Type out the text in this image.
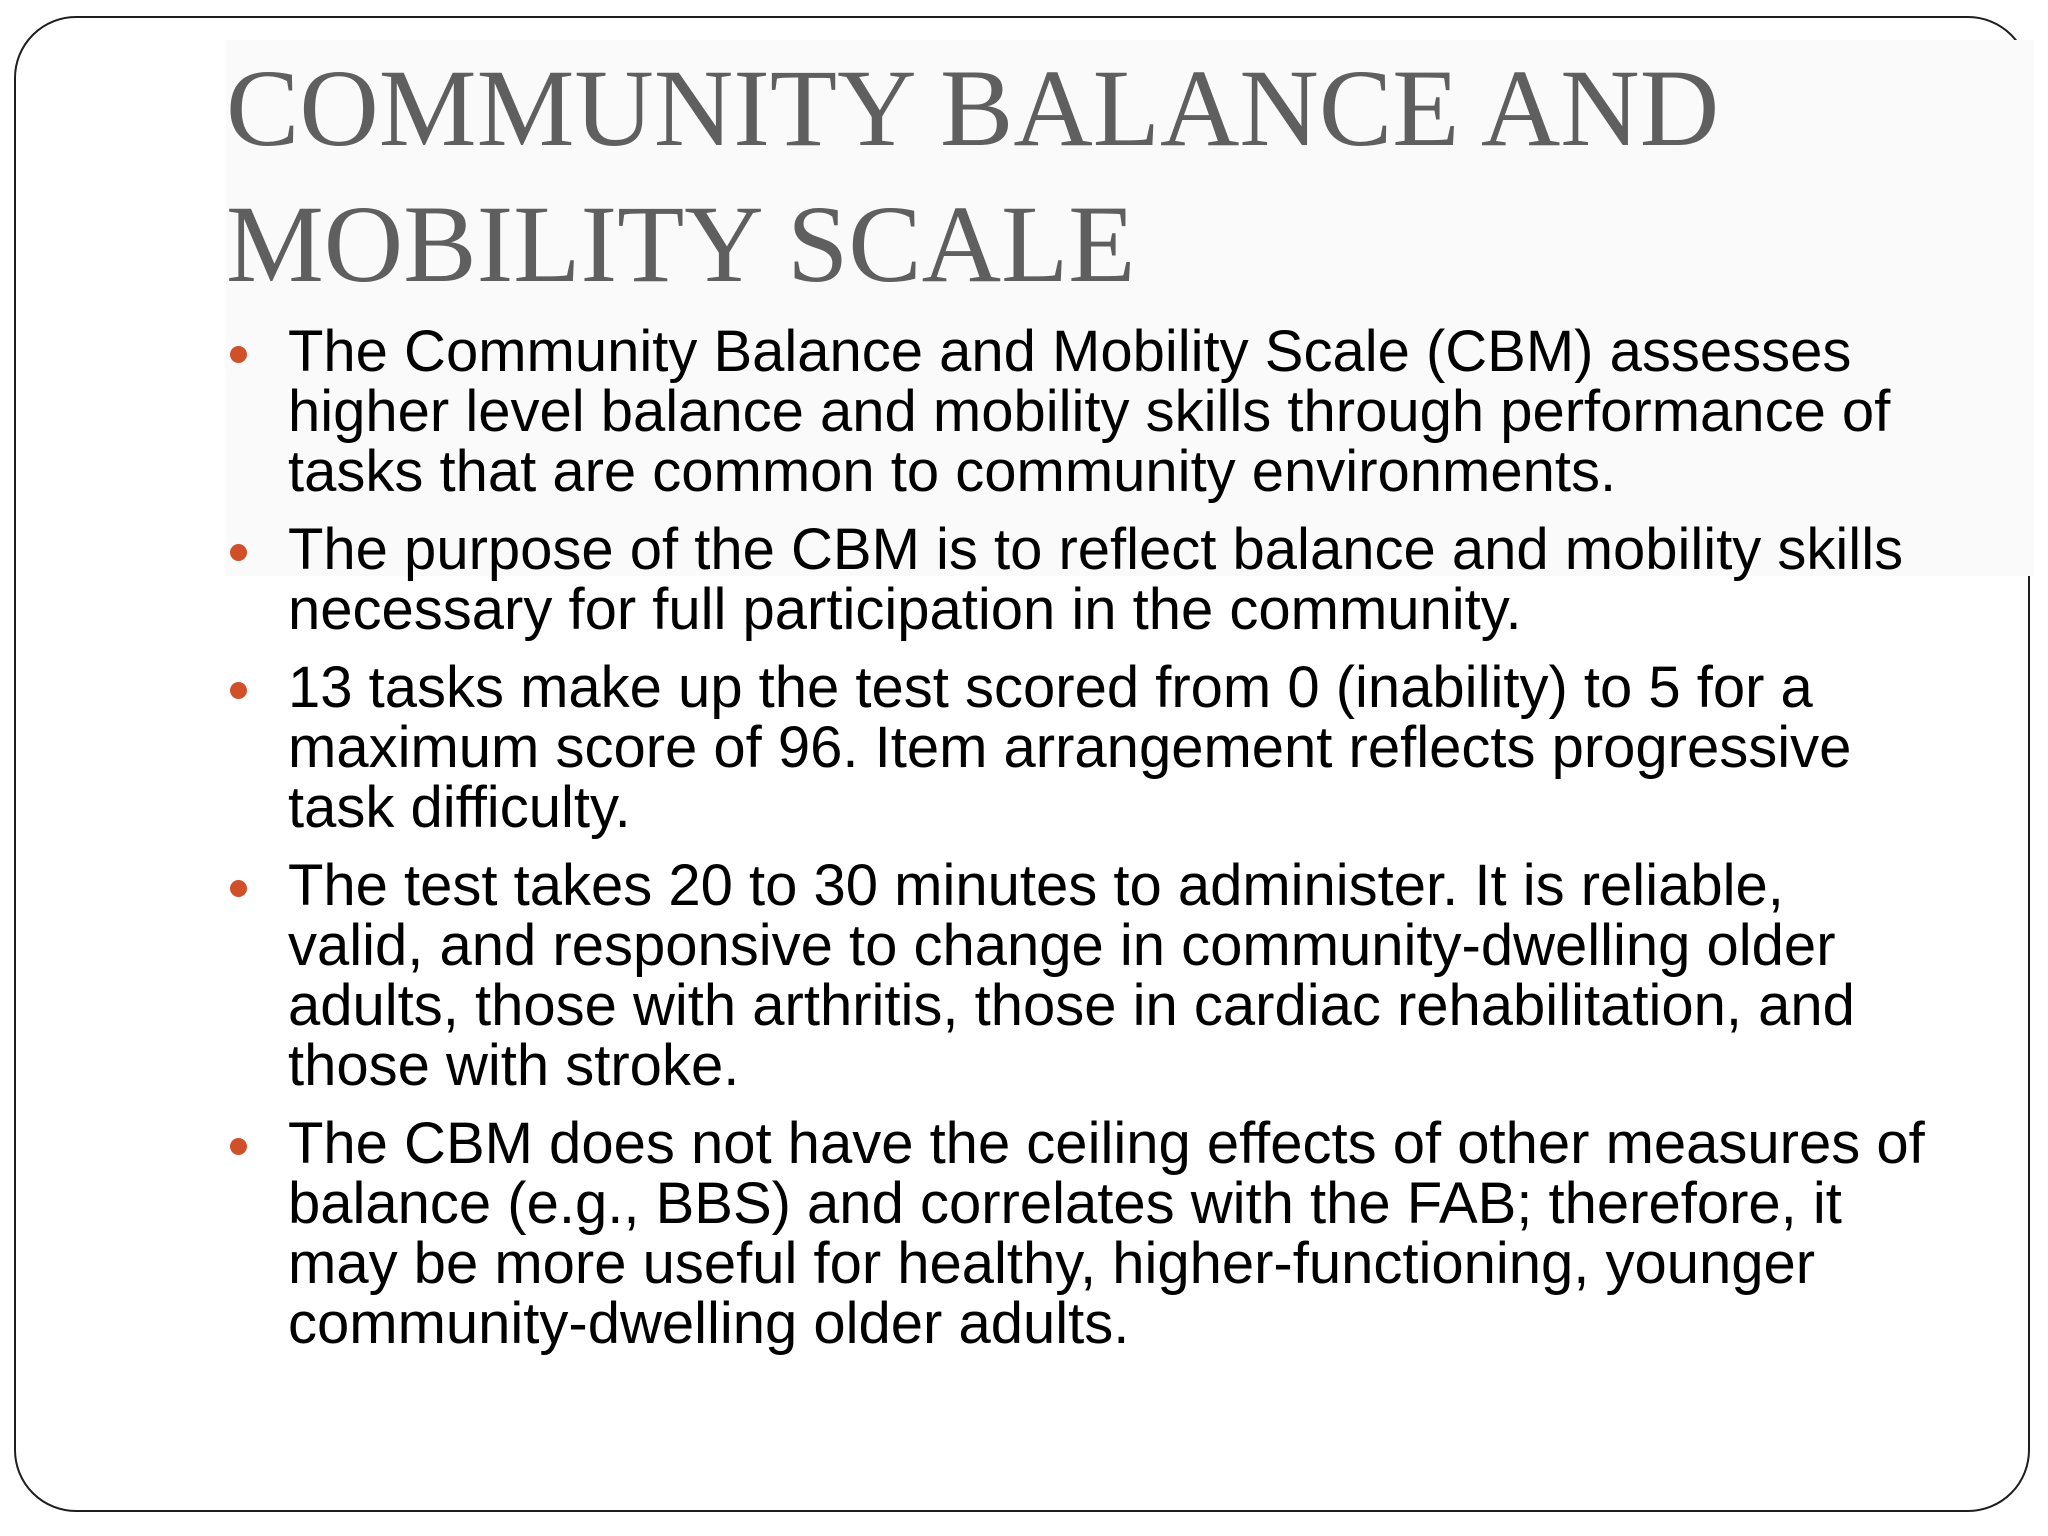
COMMUNITY BALANCE AND MOBILITY SCALE
The Community Balance and Mobility Scale (CBM) assesses higher level balance and mobility skills through performance of tasks that are common to community environments.
The purpose of the CBM is to reflect balance and mobility skills necessary for full participation in the community.
13 tasks make up the test scored from 0 (inability) to 5 for a maximum score of 96. Item arrangement reflects progressive task difficulty.
The test takes 20 to 30 minutes to administer. It is reliable, valid, and responsive to change in community-dwelling older adults, those with arthritis, those in cardiac rehabilitation, and those with stroke.
The CBM does not have the ceiling effects of other measures of balance (e.g., BBS) and correlates with the FAB; therefore, it may be more useful for healthy, higher-functioning, younger community-dwelling older adults.
